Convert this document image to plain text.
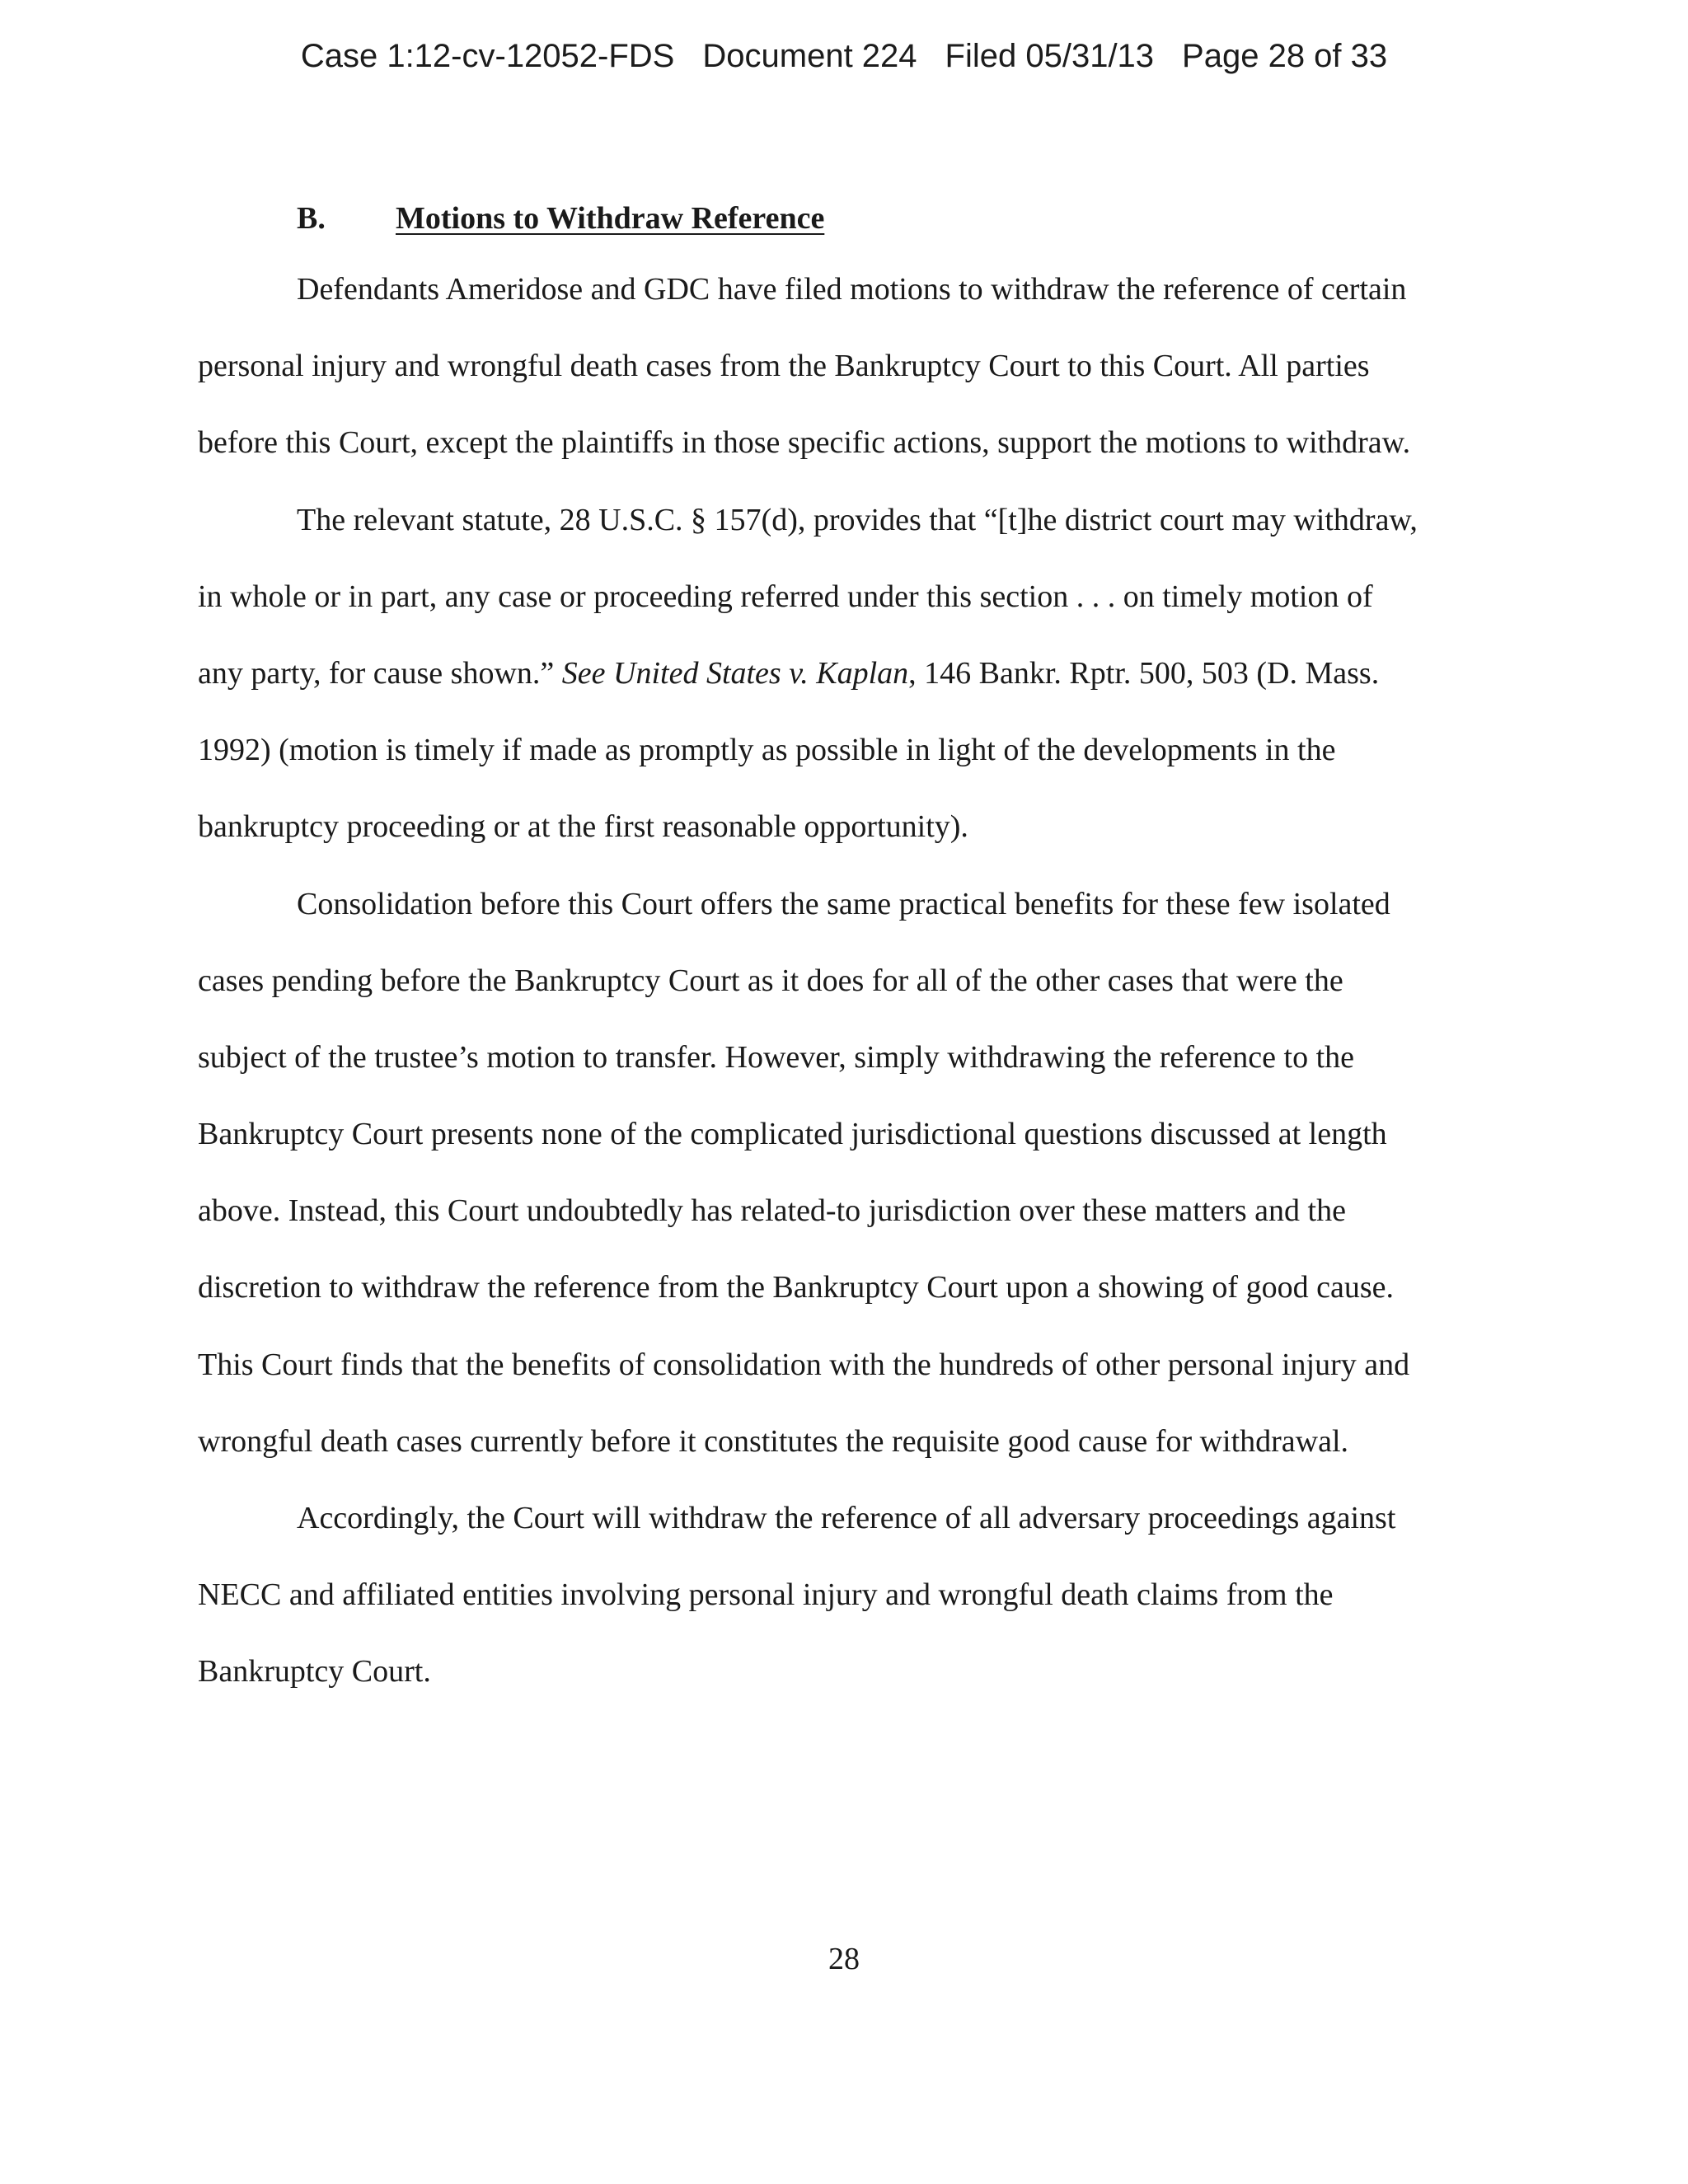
Case 1:12-cv-12052-FDS Document 224 Filed 05/31/13 Page 28 of 33
B. Motions to Withdraw Reference

Defendants Ameridose and GDC have filed motions to withdraw the reference of certain
personal injury and wrongful death cases from the Bankruptcy Court to this Court. All parties
before this Court, except the plaintiffs in those specific actions, support the motions to withdraw.

The relevant statute, 28 U.S.C. § 157(d), provides that “[t]he district court may withdraw,
in whole or in part, any case or proceeding referred under this section . . . on timely motion of
any party, for cause shown.” See United States v. Kaplan, 146 Bankr. Rptr. 500, 503 (D. Mass.
1992) (motion is timely if made as promptly as possible in light of the developments in the
bankruptcy proceeding or at the first reasonable opportunity).

Consolidation before this Court offers the same practical benefits for these few isolated
cases pending before the Bankruptcy Court as it does for all of the other cases that were the
subject of the trustee’s motion to transfer. However, simply withdrawing the reference to the
Bankruptcy Court presents none of the complicated jurisdictional questions discussed at length
above. Instead, this Court undoubtedly has related-to jurisdiction over these matters and the
discretion to withdraw the reference from the Bankruptcy Court upon a showing of good cause.
This Court finds that the benefits of consolidation with the hundreds of other personal injury and
wrongful death cases currently before it constitutes the requisite good cause for withdrawal.

Accordingly, the Court will withdraw the reference of all adversary proceedings against
NECC and affiliated entities involving personal injury and wrongful death claims from the
Bankruptcy Court.

28
